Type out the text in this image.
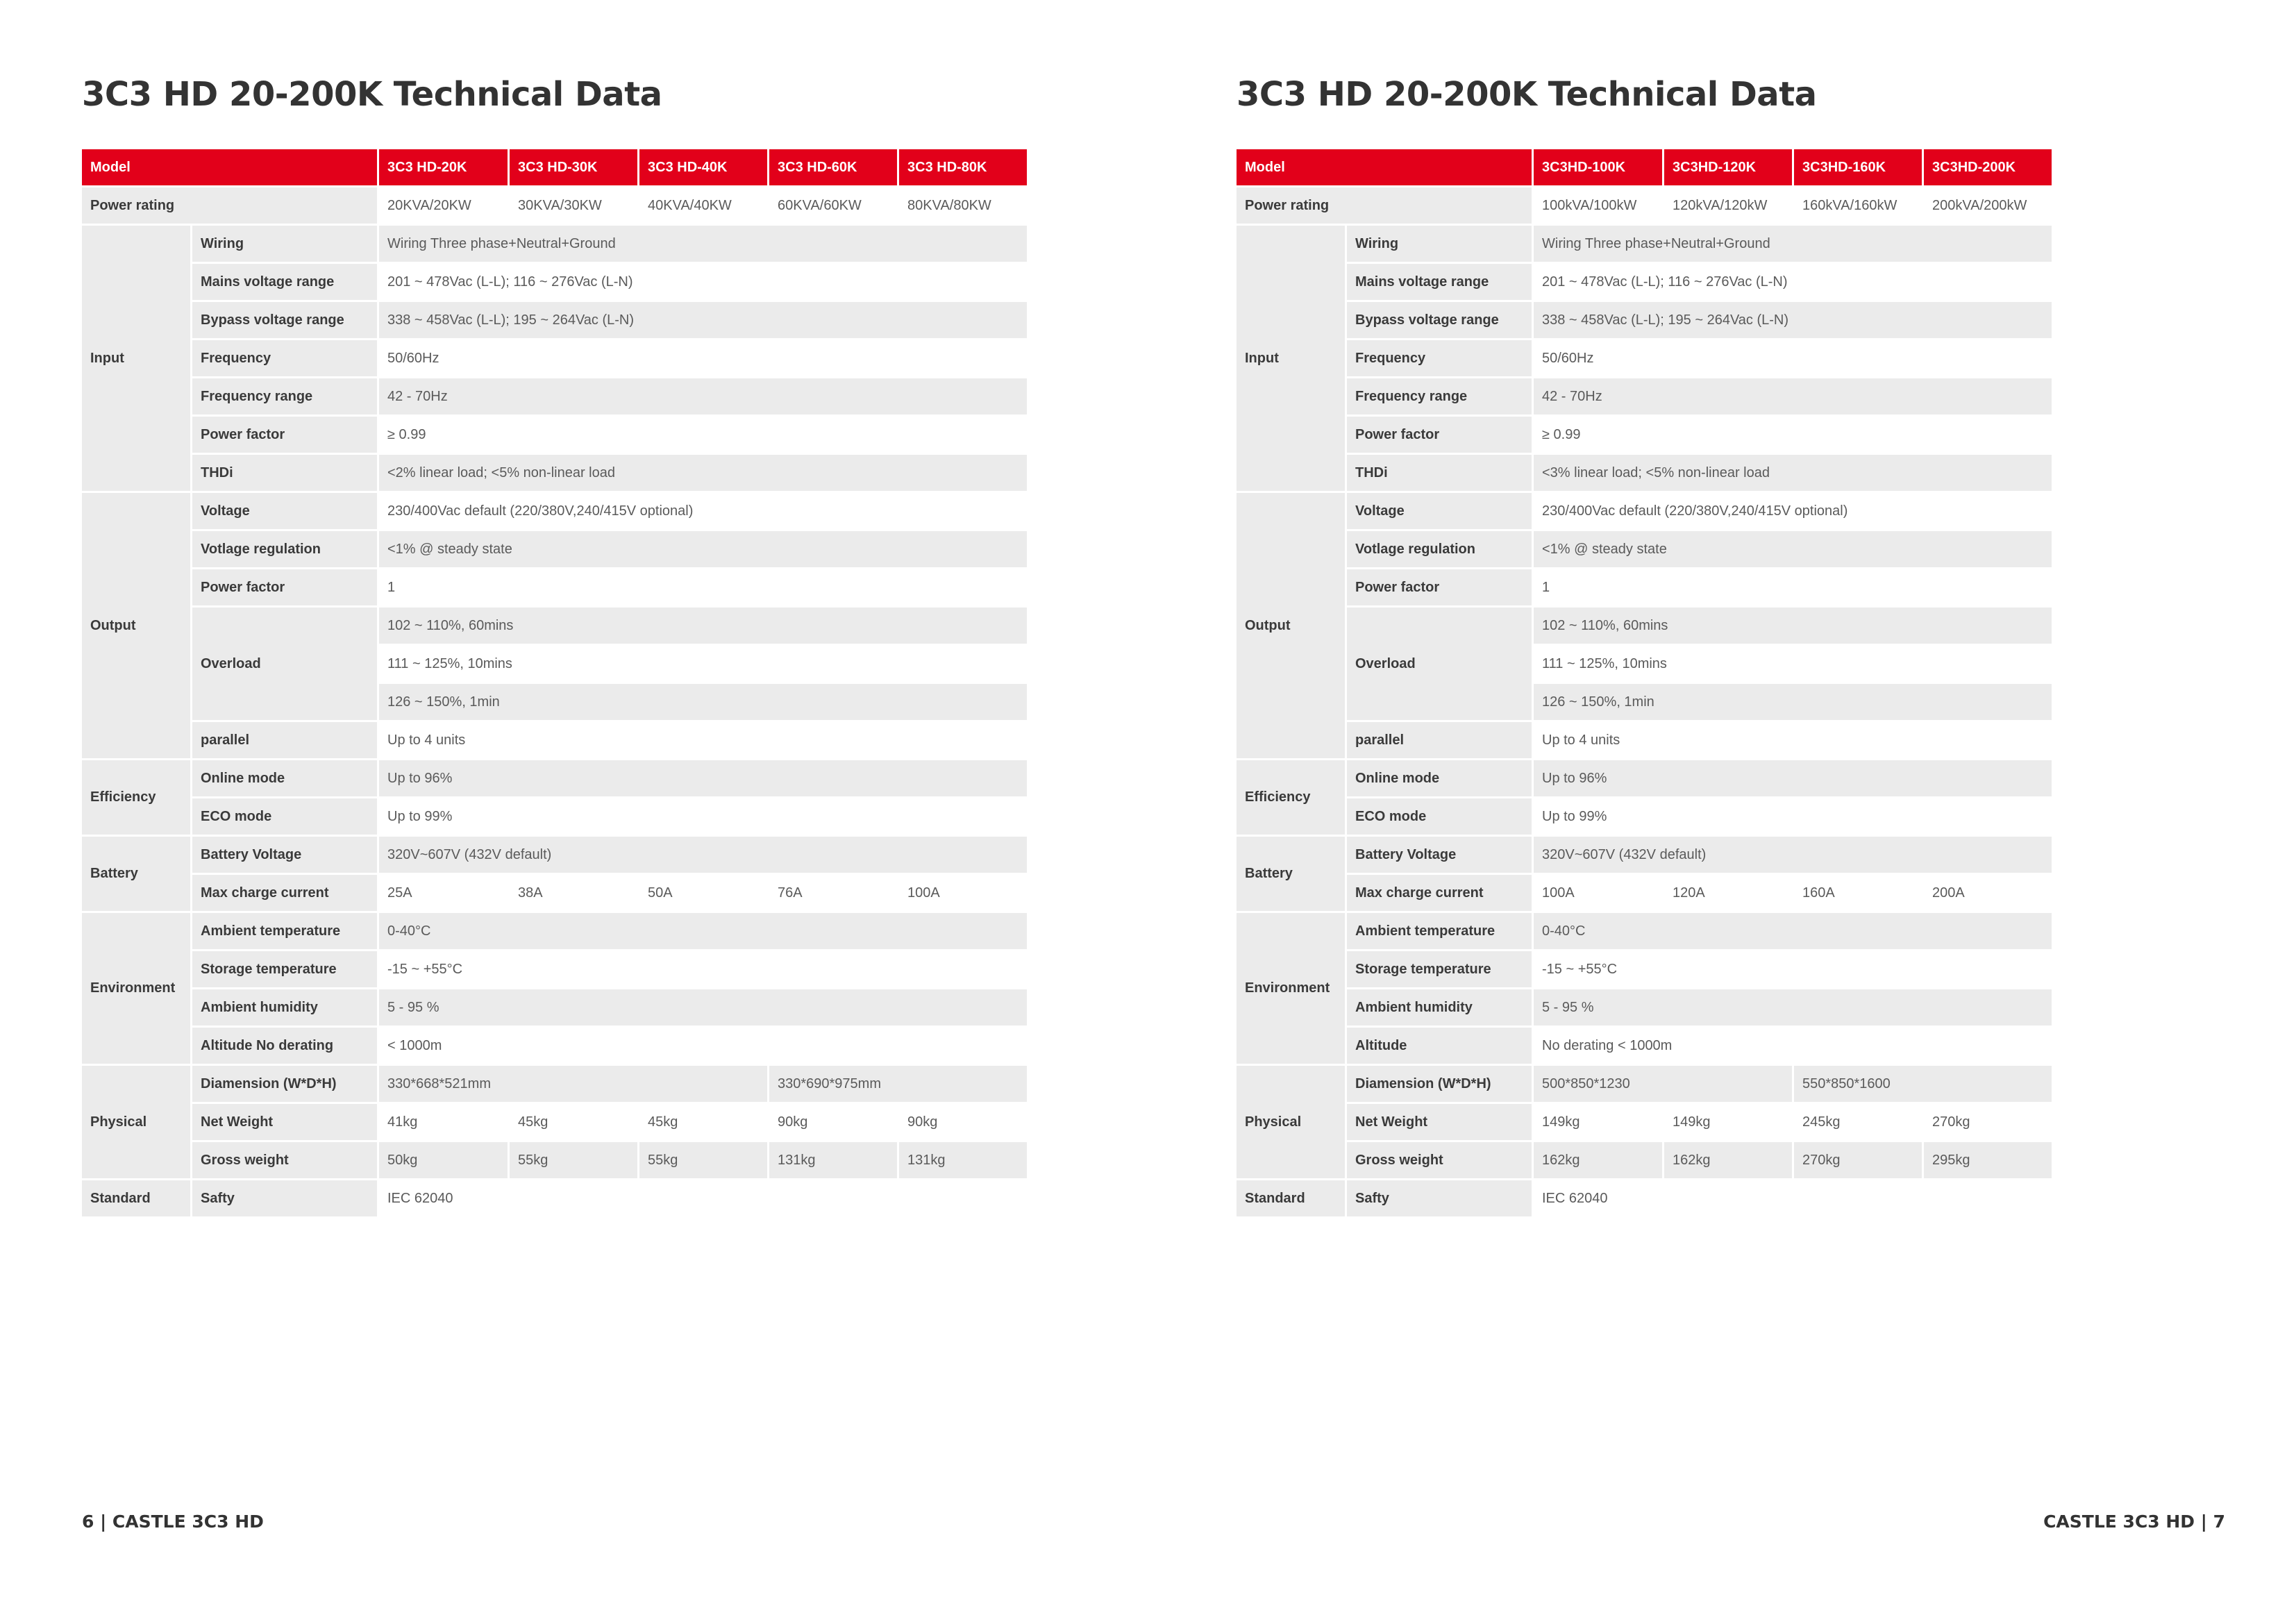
3C3 HD 20-200K Technical Data
Model		3C3 HD-20K	3C3 HD-30K	3C3 HD-40K	3C3 HD-60K	3C3 HD-80K
Power rating		20KVA/20KW	30KVA/30KW	40KVA/40KW	60KVA/60KW	80KVA/80KW
Input	Wiring	Wiring Three phase+Neutral+Ground				
	Mains voltage range	201 ~ 478Vac (L-L); 116 ~ 276Vac (L-N)				
	Bypass voltage range	338 ~ 458Vac (L-L); 195 ~ 264Vac (L-N)				
	Frequency	50/60Hz				
	Frequency range	42 - 70Hz				
	Power factor	≥ 0.99				
	THDi	<2% linear load; <5% non-linear load				
Output	Voltage	230/400Vac default (220/380V,240/415V optional)				
	Votlage regulation	<1% @ steady state				
	Power factor	1				
	Overload	102 ~ 110%, 60mins				
		111 ~ 125%, 10mins				
		126 ~ 150%, 1min				
	parallel	Up to 4 units				
Efficiency	Online mode	Up to 96%				
	ECO mode	Up to 99%				
Battery	Battery Voltage	320V~607V (432V default)				
	Max charge current	25A	38A	50A	76A	100A
Environment	Ambient temperature	0-40°C				
	Storage temperature	-15 ~ +55°C				
	Ambient humidity	5 - 95 %				
	Altitude No derating	< 1000m				
Physical	Diamension (W*D*H)	330*668*521mm			330*690*975mm	
	Net Weight	41kg	45kg	45kg	90kg	90kg
	Gross weight	50kg	55kg	55kg	131kg	131kg
Standard	Safty	IEC 62040				

6 | CASTLE 3C3 HD

3C3 HD 20-200K Technical Data
Model		3C3HD-100K	3C3HD-120K	3C3HD-160K	3C3HD-200K
Power rating		100kVA/100kW	120kVA/120kW	160kVA/160kW	200kVA/200kW
Input	Wiring	Wiring Three phase+Neutral+Ground			
	Mains voltage range	201 ~ 478Vac (L-L); 116 ~ 276Vac (L-N)			
	Bypass voltage range	338 ~ 458Vac (L-L); 195 ~ 264Vac (L-N)			
	Frequency	50/60Hz			
	Frequency range	42 - 70Hz			
	Power factor	≥ 0.99			
	THDi	<3% linear load; <5% non-linear load			
Output	Voltage	230/400Vac default (220/380V,240/415V optional)			
	Votlage regulation	<1% @ steady state			
	Power factor	1			
	Overload	102 ~ 110%, 60mins			
		111 ~ 125%, 10mins			
		126 ~ 150%, 1min			
	parallel	Up to 4 units			
Efficiency	Online mode	Up to 96%			
	ECO mode	Up to 99%			
Battery	Battery Voltage	320V~607V (432V default)			
	Max charge current	100A	120A	160A	200A
Environment	Ambient temperature	0-40°C			
	Storage temperature	-15 ~ +55°C			
	Ambient humidity	5 - 95 %			
	Altitude	No derating < 1000m			
Physical	Diamension (W*D*H)	500*850*1230		550*850*1600	
	Net Weight	149kg	149kg	245kg	270kg
	Gross weight	162kg	162kg	270kg	295kg
Standard	Safty	IEC 62040			

CASTLE 3C3 HD | 7
